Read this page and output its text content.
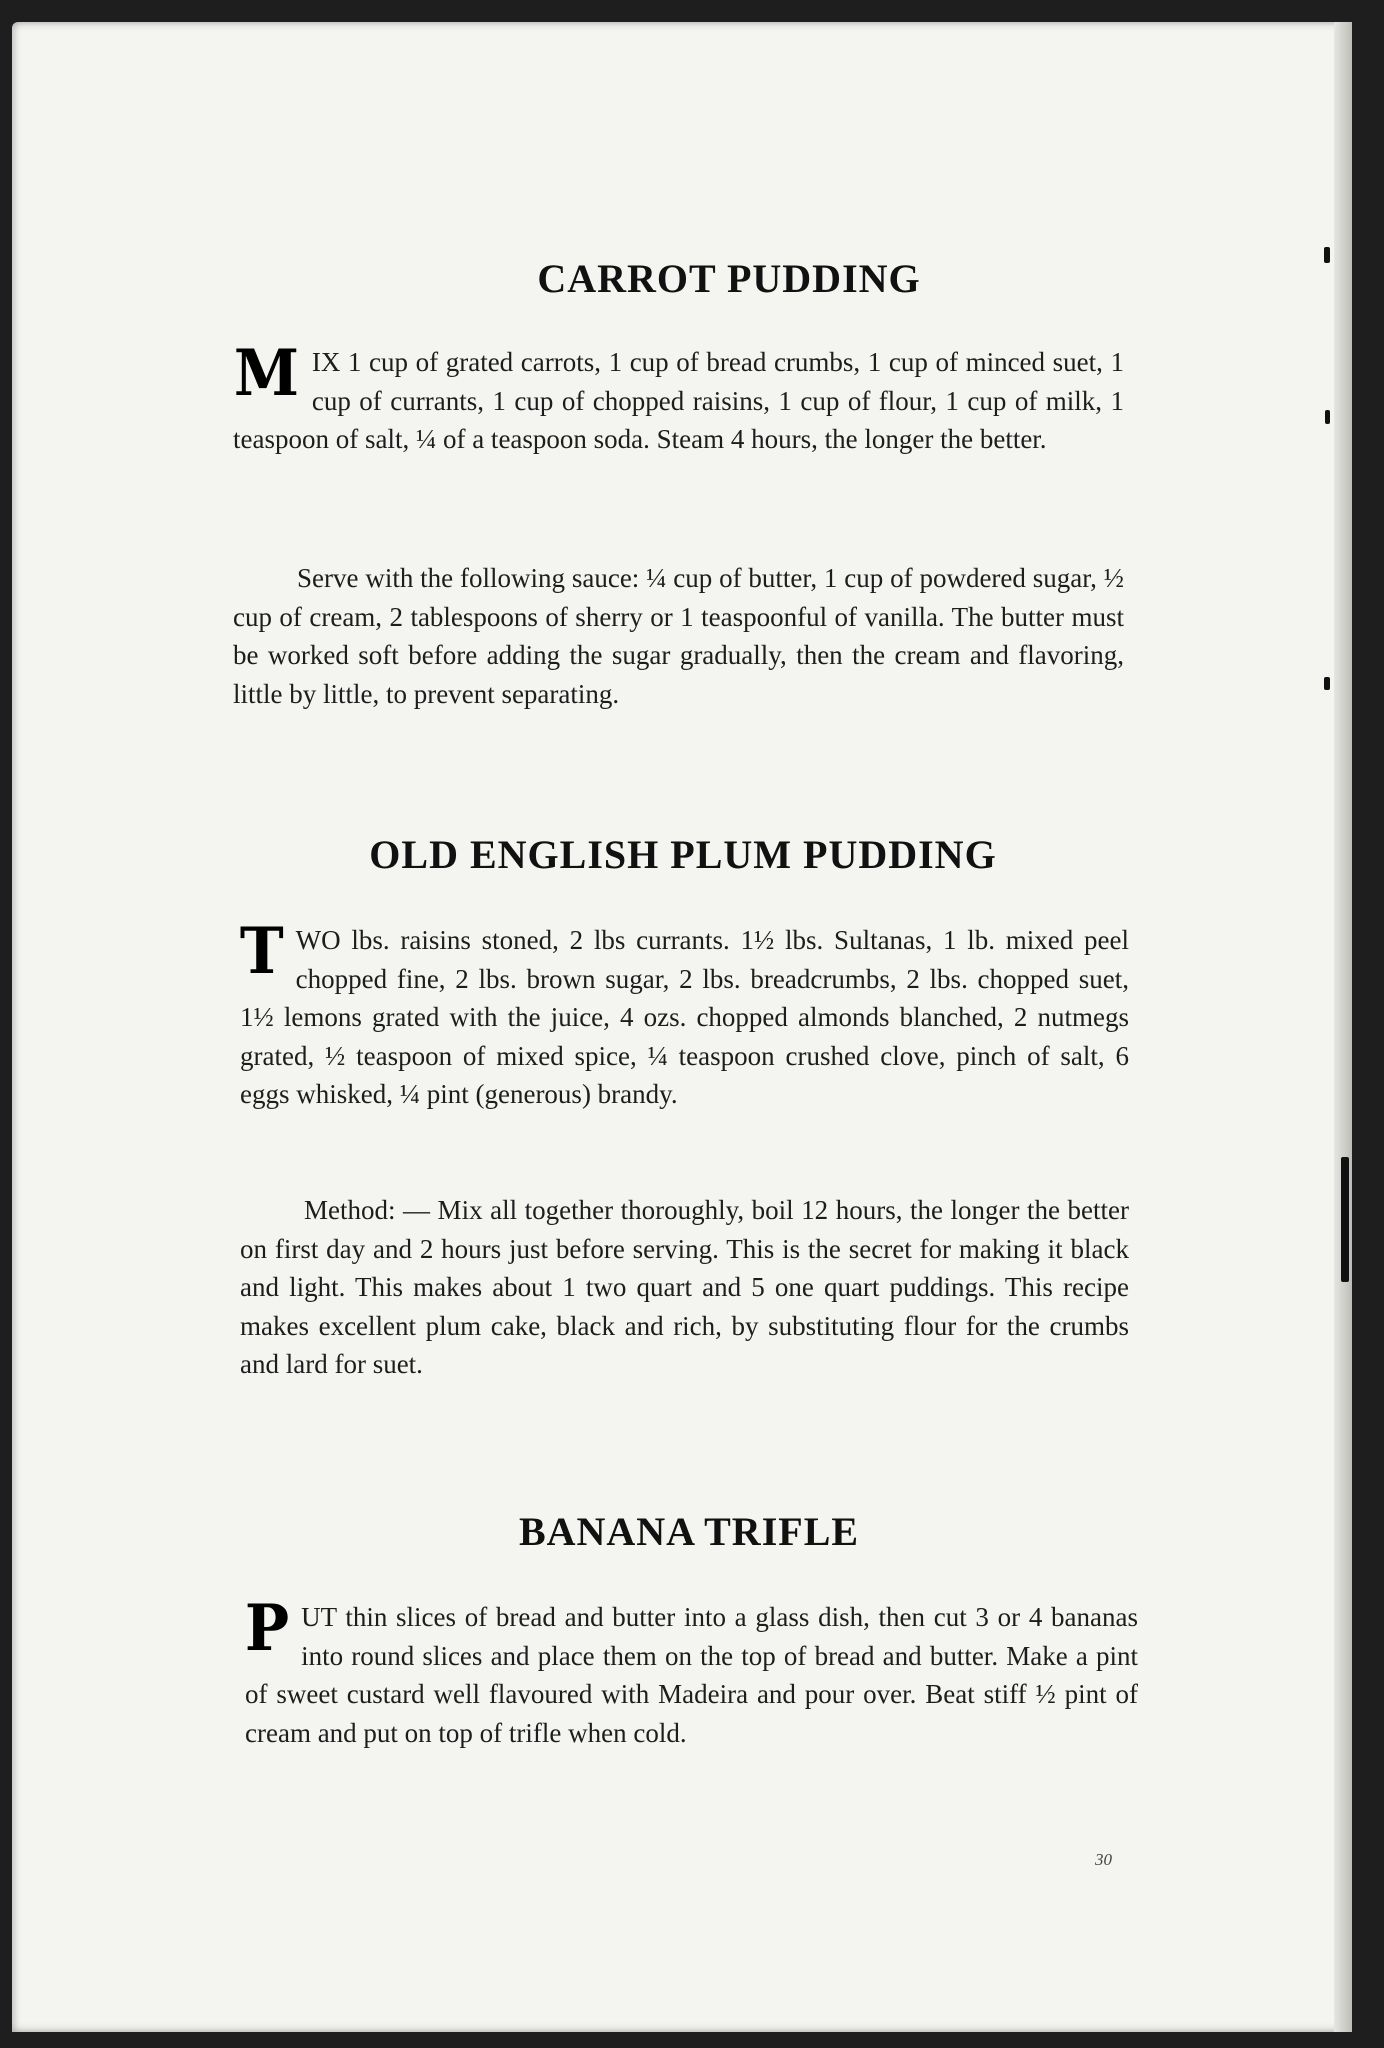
CARROT PUDDING

MIX 1 cup of grated carrots, 1 cup of bread crumbs, 1 cup of minced suet, 1 cup of currants, 1 cup of chopped raisins, 1 cup of flour, 1 cup of milk, 1 teaspoon of salt, ¼ of a teaspoon soda. Steam 4 hours, the longer the better.

Serve with the following sauce: ¼ cup of butter, 1 cup of powdered sugar, ½ cup of cream, 2 tablespoons of sherry or 1 teaspoonful of vanilla. The butter must be worked soft before adding the sugar gradually, then the cream and flavoring, little by little, to prevent separating.

OLD ENGLISH PLUM PUDDING

TWO lbs. raisins stoned, 2 lbs currants. 1½ lbs. Sultanas, 1 lb. mixed peel chopped fine, 2 lbs. brown sugar, 2 lbs. breadcrumbs, 2 lbs. chopped suet, 1½ lemons grated with the juice, 4 ozs. chopped almonds blanched, 2 nutmegs grated, ½ teaspoon of mixed spice, ¼ teaspoon crushed clove, pinch of salt, 6 eggs whisked, ¼ pint (generous) brandy.

Method: — Mix all together thoroughly, boil 12 hours, the longer the better on first day and 2 hours just before serving. This is the secret for making it black and light. This makes about 1 two quart and 5 one quart puddings. This recipe makes excellent plum cake, black and rich, by substituting flour for the crumbs and lard for suet.

BANANA TRIFLE

PUT thin slices of bread and butter into a glass dish, then cut 3 or 4 bananas into round slices and place them on the top of bread and butter. Make a pint of sweet custard well flavoured with Madeira and pour over. Beat stiff ½ pint of cream and put on top of trifle when cold.

30
